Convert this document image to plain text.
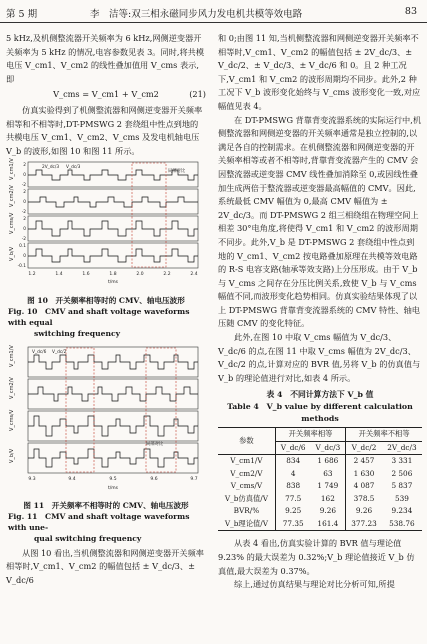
第 5 期	李　洁等:双三相永磁同步风力发电机共模等效电路	83

5 kHz,及机侧整流器开关频率为 6 kHz,网侧逆变器开关频率为 5 kHz 的情况,电容参数见表 3。同时,将共模电压 V_cm1、V_cm2 的线性叠加值用 V_cms 表示,即

V_cms = V_cm1 + V_cm2	(21)

仿真实验得到了机侧整流器和网侧逆变器开关频率相等和不相等时,DT-PMSWG 2 套绕组中性点到地的共模电压 V_cm1、V_cm2、V_cms 及发电机轴电压 V_b 的波形,如图 10 和图 11 所示。

V_cm1/V
V_cm2/V
V_cms/V
V_b/V
2
0
-2
2
0
-2
2
0
-2
0.1
0
-0.1
2V_dc/3 V_dc/3
局部对比
1.2	1.4	1.6	1.8	2.0	2.2	2.4
t/ms
图 10　开关频率相等时的 CMV、轴电压波形
Fig. 10　CMV and shaft voltage waveforms with equal
switching frequency
V_cm1/V
V_cm2/V
V_cms/V
V_b/V
V_dc/6 V_dc/2
局部对比
9.3	9.4	9.5	9.6	9.7
t/ms
图 11　开关频率不相等时的 CMV、轴电压波形
Fig. 11　CMV and shaft voltage waveforms with une-
qual switching frequency

从图 10 看出,当机侧整流器和网侧逆变器开关频率相等时,V_cm1、V_cm2 的幅值包括 ± V_dc/3、± V_dc/6

和 0;由图 11 知,当机侧整流器和网侧逆变器开关频率不相等时,V_cm1、V_cm2 的幅值包括 ± 2V_dc/3、± V_dc/2、± V_dc/3、± V_dc/6 和 0。且 2 种工况下,V_cm1 和 V_cm2 的波形周期均不同步。此外,2 种工况下 V_b 波形变化始终与 V_cms 波形变化一致,对应幅值见表 4。

在 DT-PMSWG 背靠背变流器系统的实际运行中,机侧整流器和网侧逆变器的开关频率通常是独立控制的,以满足各自的控制需求。在机侧整流器和网侧逆变器的开关频率相等或者不相等时,背靠背变流器产生的 CMV 会因整流器或逆变器 CMV 线性叠加消除至 0,或因线性叠加生成两倍于整流器或逆变器最高幅值的 CMV。因此,系统最低 CMV 幅值为 0,最高 CMV 幅值为 ± 2V_dc/3。而 DT-PMSWG 2 组三相绕组在物理空间上相差 30°电角度,将使得 V_cm1 和 V_cm2 的波形周期不同步。此外,V_b 是 DT-PMSWG 2 套绕组中性点到地的 V_cm1、V_cm2 按电路叠加原理在共模等效电路的 R-S 电容支路(轴承等效支路)上分压形成。由于 V_b 与 V_cms 之间存在分压比例关系,致使 V_b 与 V_cms 幅值不同,而波形变化趋势相同。仿真实验结果体现了以上 DT-PMSWG 背靠背变流器系统的 CMV 特性、轴电压随 CMV 的变化特征。

此外,在图 10 中取 V_cms 幅值为 V_dc/3、V_dc/6 的点,在图 11 中取 V_cms 幅值为 2V_dc/3、V_dc/2 的点,计算对应的 BVR 值,另将 V_b 的仿真值与 V_b 的理论值进行对比,如表 4 所示。

表 4　不同计算方法下 V_b 值
Table 4　V_b value by different calculation methods
参数	开关频率相等		开关频率不相等	
	V_dc/6	V_dc/3	V_dc/2	2V_dc/3
V_cm1/V	834	1 686	2 457	3 331
V_cm2/V	4	63	1 630	2 506
V_cms/V	838	1 749	4 087	5 837
V_b仿真值/V	77.5	162	378.5	539
BVR/%	9.25	9.26	9.26	9.234
V_b理论值/V	77.35	161.4	377.23	538.76

从表 4 看出,仿真实验计算的 BVR 值与理论值 9.23% 的最大误差为 0.32%;V_b 理论值接近 V_b 仿真值,最大误差为 0.37%。

综上,通过仿真结果与理论对比分析可知,所提
